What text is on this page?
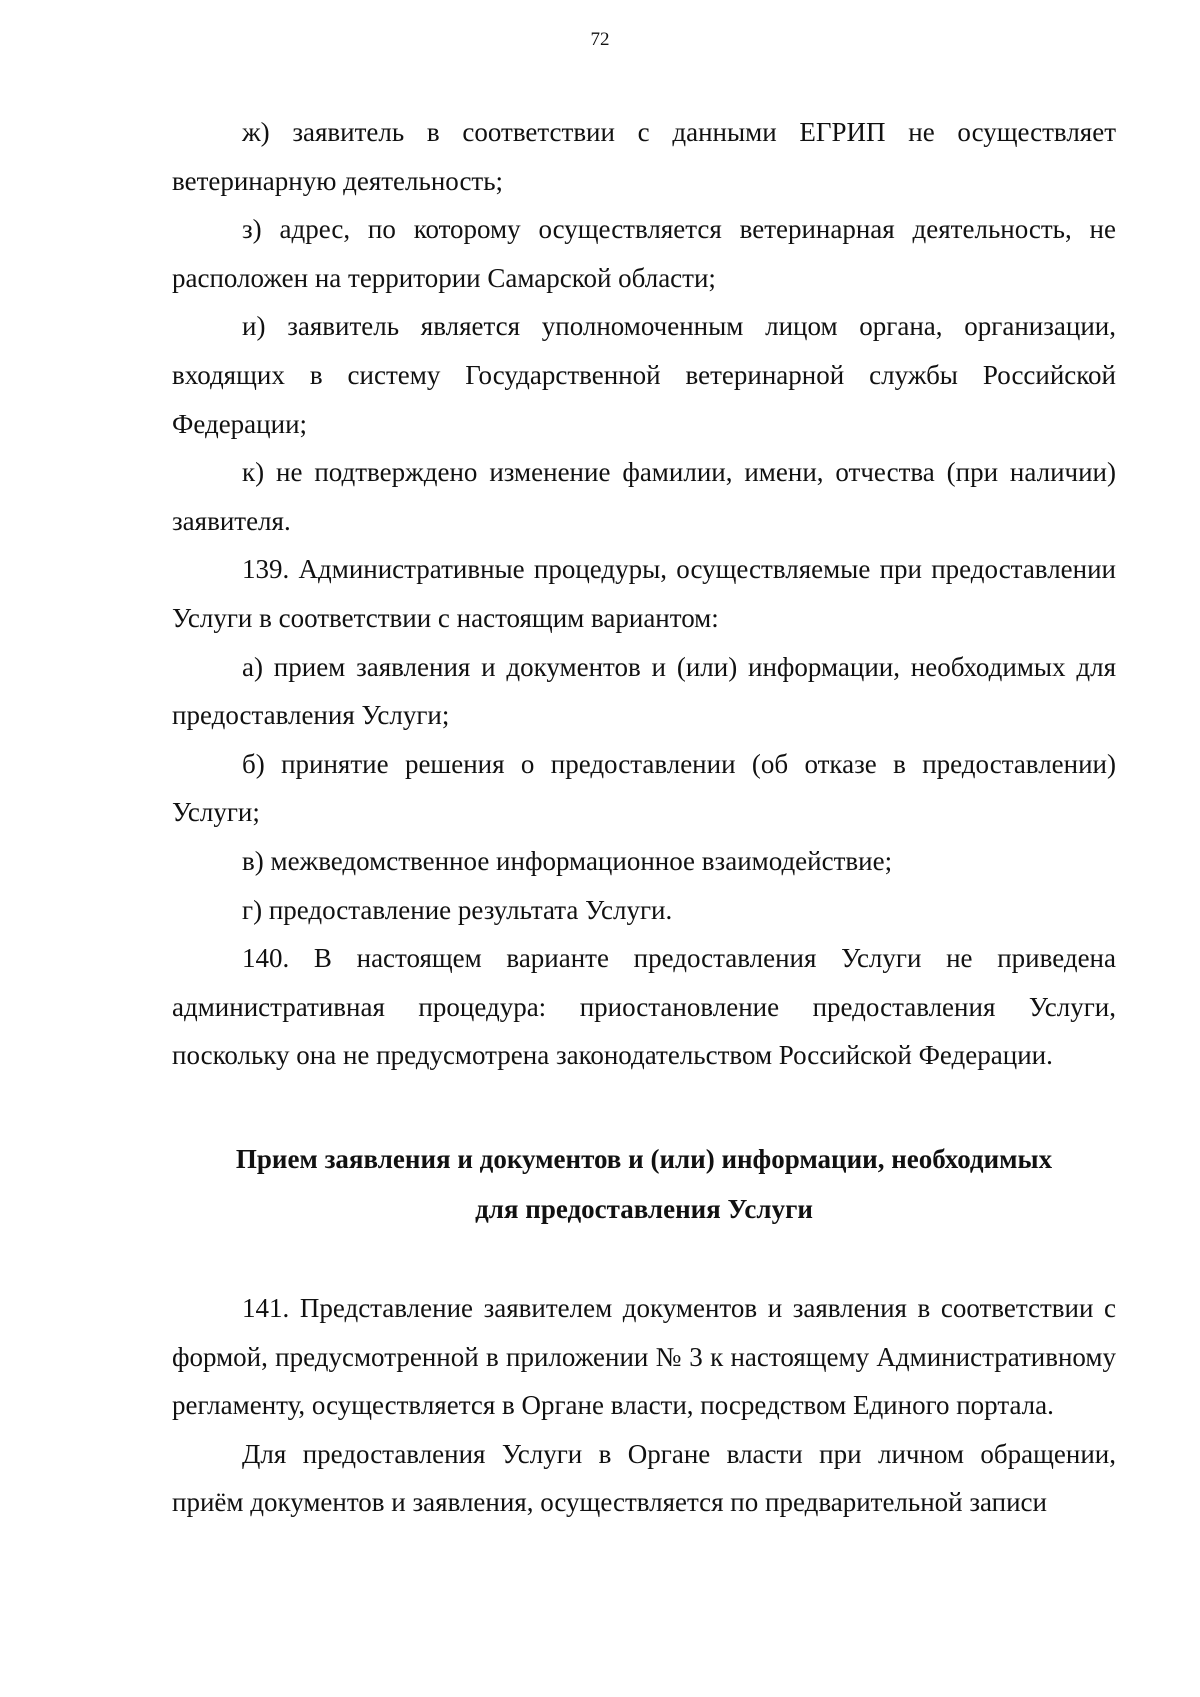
72

ж) заявитель в соответствии с данными ЕГРИП не осуществляет ветеринарную деятельность;

з) адрес, по которому осуществляется ветеринарная деятельность, не расположен на территории Самарской области;

и) заявитель является уполномоченным лицом органа, организации, входящих в систему Государственной ветеринарной службы Российской Федерации;

к) не подтверждено изменение фамилии, имени, отчества (при наличии) заявителя.

139. Административные процедуры, осуществляемые при предоставлении Услуги в соответствии с настоящим вариантом:

а) прием заявления и документов и (или) информации, необходимых для предоставления Услуги;

б) принятие решения о предоставлении (об отказе в предоставлении) Услуги;

в) межведомственное информационное взаимодействие;

г) предоставление результата Услуги.

140. В настоящем варианте предоставления Услуги не приведена административная процедура: приостановление предоставления Услуги, поскольку она не предусмотрена законодательством Российской Федерации.

Прием заявления и документов и (или) информации, необходимых
для предоставления Услуги

141. Представление заявителем документов и заявления в соответствии с формой, предусмотренной в приложении № 3 к настоящему Административному регламенту, осуществляется в Органе власти, посредством Единого портала.

Для предоставления Услуги в Органе власти при личном обращении, приём документов и заявления, осуществляется по предварительной записи
